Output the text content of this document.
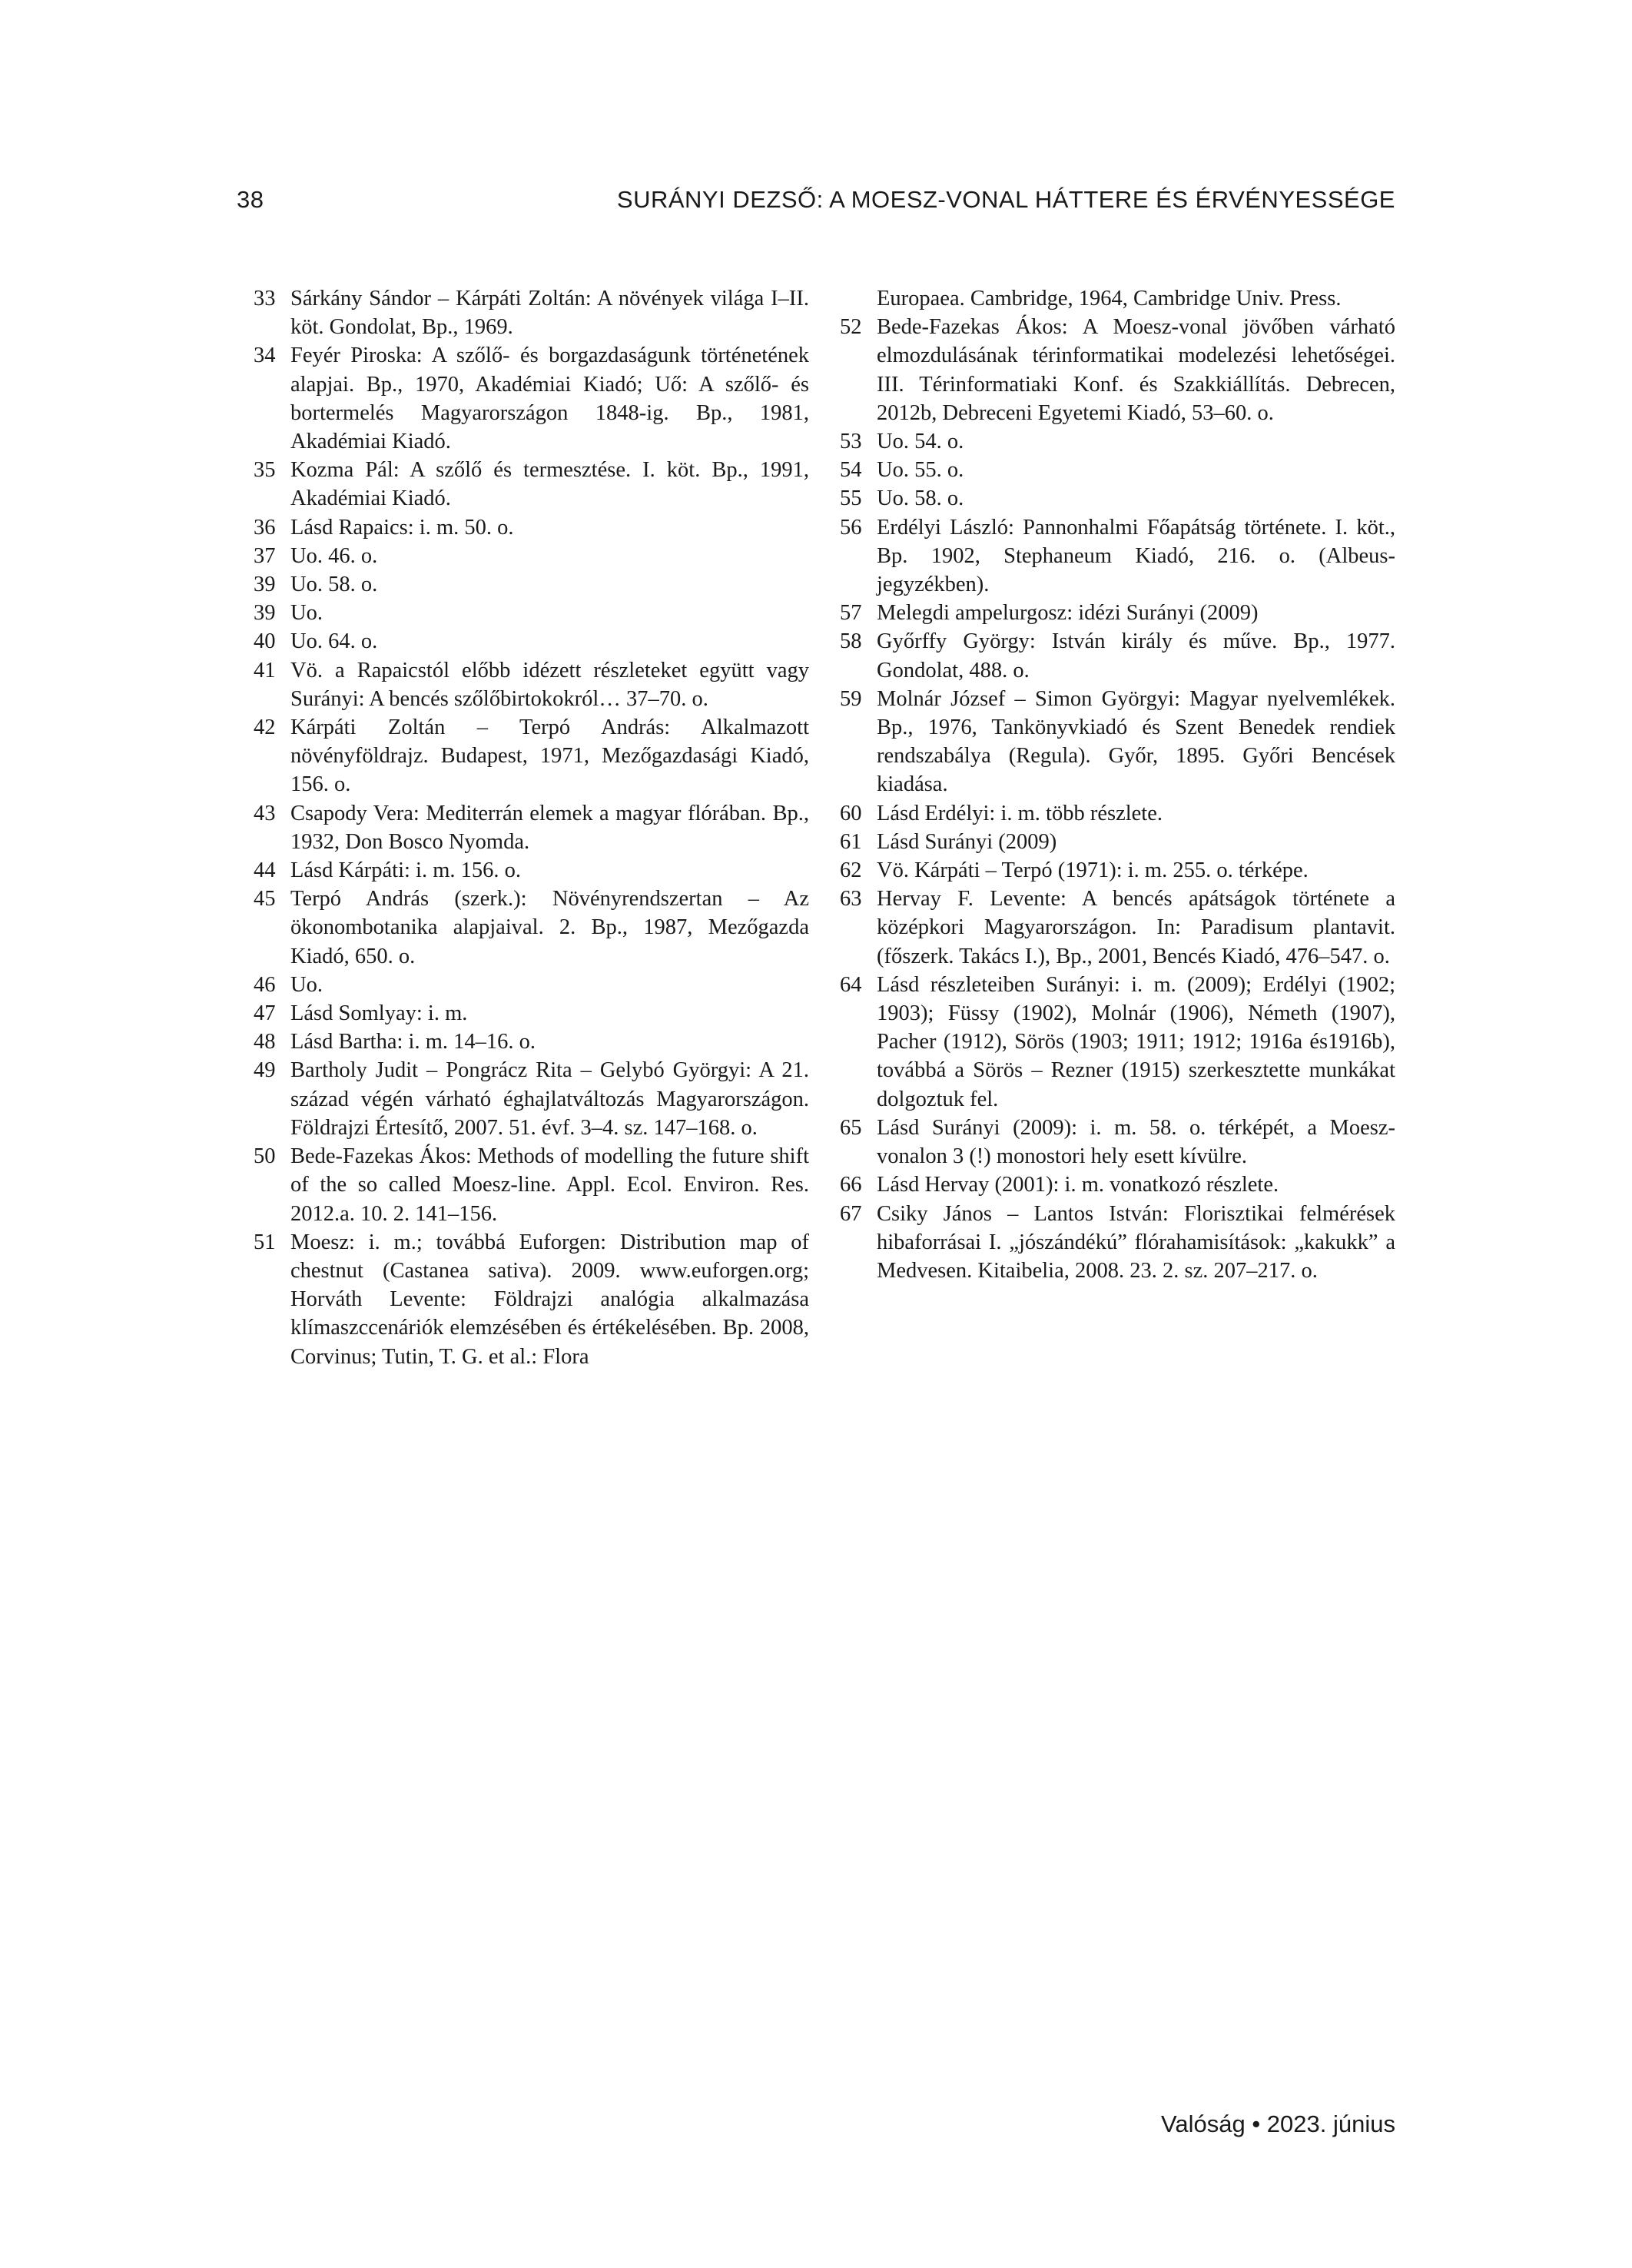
38	SURÁNYI DEZSŐ: A MOESZ-VONAL HÁTTERE ÉS ÉRVÉNYESSÉGE
33 Sárkány Sándor – Kárpáti Zoltán: A növények világa I–II. köt. Gondolat, Bp., 1969.
34 Feyér Piroska: A szőlő- és borgazdaságunk történetének alapjai. Bp., 1970, Akadémiai Kiadó; Uő: A szőlő- és bortermelés Magyarországon 1848-ig. Bp., 1981, Akadémiai Kiadó.
35 Kozma Pál: A szőlő és termesztése. I. köt. Bp., 1991, Akadémiai Kiadó.
36 Lásd Rapaics: i. m. 50. o.
37 Uo. 46. o.
39 Uo. 58. o.
39 Uo.
40 Uo. 64. o.
41 Vö. a Rapaicstól előbb idézett részleteket együtt vagy Surányi: A bencés szőlőbirtokokról… 37–70. o.
42 Kárpáti Zoltán – Terpó András: Alkalmazott növényföldrajz. Budapest, 1971, Mezőgazdasági Kiadó, 156. o.
43 Csapody Vera: Mediterrán elemek a magyar flórában. Bp., 1932, Don Bosco Nyomda.
44 Lásd Kárpáti: i. m. 156. o.
45 Terpó András (szerk.): Növényrendszertan – Az ökonombotanika alapjaival. 2. Bp., 1987, Mezőgazda Kiadó, 650. o.
46 Uo.
47 Lásd Somlyay: i. m.
48 Lásd Bartha: i. m. 14–16. o.
49 Bartholy Judit – Pongrácz Rita – Gelybó Györgyi: A 21. század végén várható éghajlatváltozás Magyarországon. Földrajzi Értesítő, 2007. 51. évf. 3–4. sz. 147–168. o.
50 Bede-Fazekas Ákos: Methods of modelling the future shift of the so called Moesz-line. Appl. Ecol. Environ. Res. 2012.a. 10. 2. 141–156.
51 Moesz: i. m.; továbbá Euforgen: Distribution map of chestnut (Castanea sativa). 2009. www.euforgen.org; Horváth Levente: Földrajzi analógia alkalmazása klímaszccenáriók elemzésében és értékelésében. Bp. 2008, Corvinus; Tutin, T. G. et al.: Flora
Europaea. Cambridge, 1964, Cambridge Univ. Press.
52 Bede-Fazekas Ákos: A Moesz-vonal jövőben várható elmozdulásának térinformatikai modelezési lehetőségei. III. Térinformatiaki Konf. és Szakkiállítás. Debrecen, 2012b, Debreceni Egyetemi Kiadó, 53–60. o.
53 Uo. 54. o.
54 Uo. 55. o.
55 Uo. 58. o.
56 Erdélyi László: Pannonhalmi Főapátság története. I. köt., Bp. 1902, Stephaneum Kiadó, 216. o. (Albeus-jegyzékben).
57 Melegdi ampelurgosz: idézi Surányi (2009)
58 Győrffy György: István király és műve. Bp., 1977. Gondolat, 488. o.
59 Molnár József – Simon Györgyi: Magyar nyelvemlékek. Bp., 1976, Tankönyvkiadó és Szent Benedek rendiek rendszabálya (Regula). Győr, 1895. Győri Bencések kiadása.
60 Lásd Erdélyi: i. m. több részlete.
61 Lásd Surányi (2009)
62 Vö. Kárpáti – Terpó (1971): i. m. 255. o. térképe.
63 Hervay F. Levente: A bencés apátságok története a középkori Magyarországon. In: Paradisum plantavit. (főszerk. Takács I.), Bp., 2001, Bencés Kiadó, 476–547. o.
64 Lásd részleteiben Surányi: i. m. (2009); Erdélyi (1902; 1903); Füssy (1902), Molnár (1906), Németh (1907), Pacher (1912), Sörös (1903; 1911; 1912; 1916a és1916b), továbbá a Sörös – Rezner (1915) szerkesztette munkákat dolgoztuk fel.
65 Lásd Surányi (2009): i. m. 58. o. térképét, a Moesz-vonalon 3 (!) monostori hely esett kívülre.
66 Lásd Hervay (2001): i. m. vonatkozó részlete.
67 Csiky János – Lantos István: Florisztikai felmérések hibaforrásai I. „jószándékú” flórahamisítások: „kakukk” a Medvesen. Kitaibelia, 2008. 23. 2. sz. 207–217. o.
Valóság • 2023. június
